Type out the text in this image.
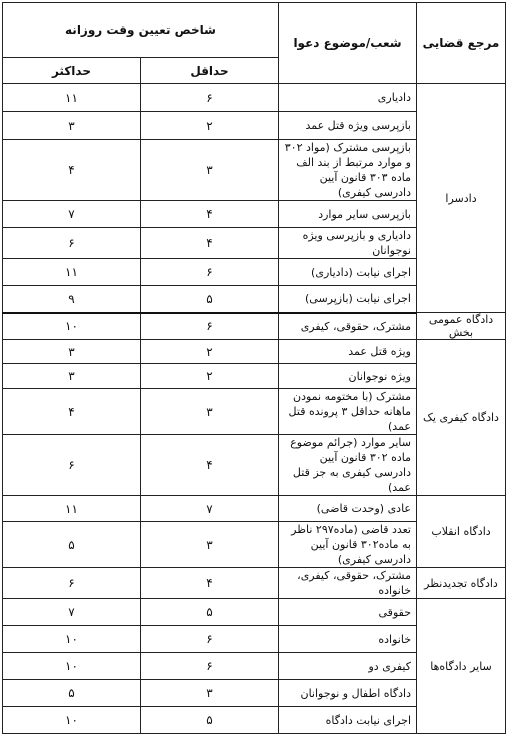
مرجع قضایی	شعب/موضوع دعوا	شاخص تعیین وقت روزانه	
		حداقل	حداکثر
دادسرا	دادیاری	۶	۱۱
	بازپرسی ویژه قتل عمد	۲	۳
	بازپرسی مشترک (مواد ۳۰۲ و موارد مرتبط از بند الف ماده ۳۰۳ قانون آیین دادرسی کیفری)	۳	۴
	بازپرسی سایر موارد	۴	۷
	دادیاری و بازپرسی ویژه نوجوانان	۴	۶
	اجرای نیابت (دادیاری)	۶	۱۱
	اجرای نیابت (بازپرسی)	۵	۹
دادگاه عمومی بخش	مشترک، حقوقی، کیفری	۶	۱۰
دادگاه کیفری یک	ویژه قتل عمد	۲	۳
	ویژه نوجوانان	۲	۳
	مشترک (با مختومه نمودن ماهانه حداقل ۳ پرونده قتل عمد)	۳	۴
	سایر موارد (جرائم موضوع ماده ۳۰۲ قانون آیین دادرسی کیفری به جز قتل عمد)	۴	۶
دادگاه انقلاب	عادی (وحدت قاضی)	۷	۱۱
	تعدد قاضی (ماده۲۹۷ ناظر به ماده۳۰۲ قانون آیین دادرسی کیفری)	۳	۵
دادگاه تجدیدنظر	مشترک، حقوقی، کیفری، خانواده	۴	۶
سایر دادگاه‌ها	حقوقی	۵	۷
	خانواده	۶	۱۰
	کیفری دو	۶	۱۰
	دادگاه اطفال و نوجوانان	۳	۵
	اجرای نیابت دادگاه	۵	۱۰
